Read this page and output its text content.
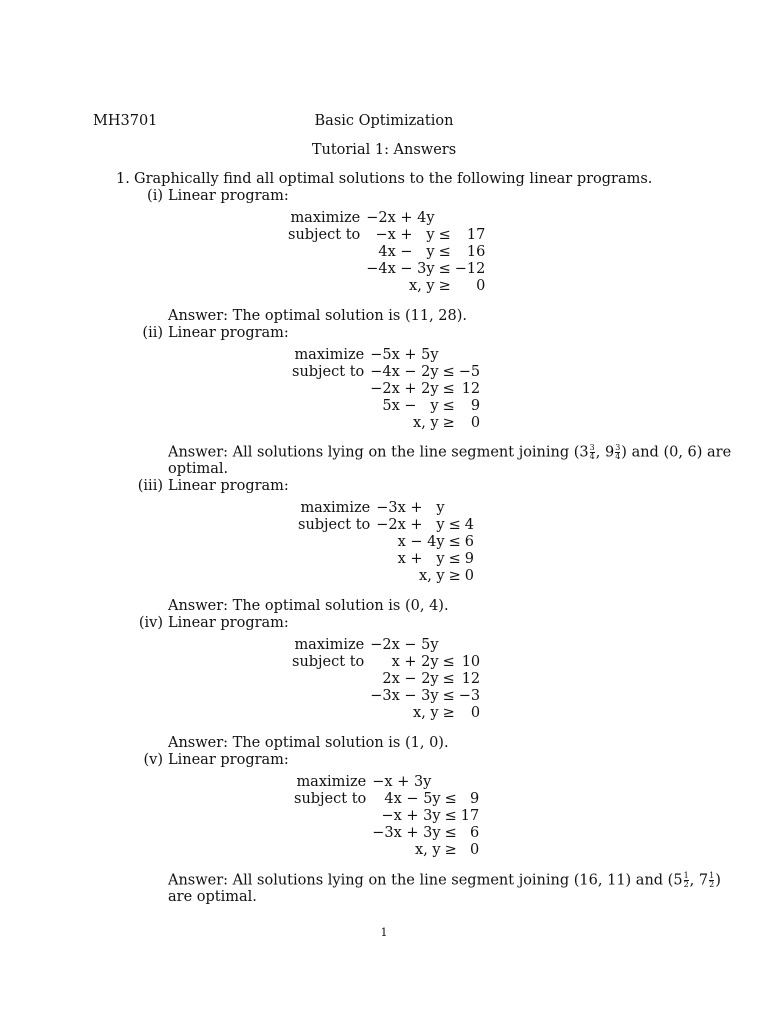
MH3701	Basic Optimization
Tutorial 1: Answers
1. Graphically find all optimal solutions to the following linear programs.
(i) Linear program:
maximize	−2x + 4y		
subject to	−x +   y	≤	17
	4x −   y	≤	16
	−4x − 3y	≤	−12
	x, y	≥	0
Answer: The optimal solution is (11, 28).
(ii) Linear program:
maximize	−5x + 5y		
subject to	−4x − 2y	≤	−5
	−2x + 2y	≤	12
	5x −   y	≤	9
	x, y	≥	0
Answer: All solutions lying on the line segment joining ($3 \frac{3}{4}$ , $9 \frac{3}{4}$ ) and (0, 6) are
optimal.
(iii) Linear program:
maximize	−3x +   y		
subject to	−2x +   y	≤	4
	x − 4y	≤	6
	x +   y	≤	9
	x, y	≥	0
Answer: The optimal solution is (0, 4).
(iv) Linear program:
maximize	−2x − 5y		
subject to	x + 2y	≤	10
	2x − 2y	≤	12
	−3x − 3y	≤	−3
	x, y	≥	0
Answer: The optimal solution is (1, 0).
(v) Linear program:
maximize	−x + 3y		
subject to	4x − 5y	≤	9
	−x + 3y	≤	17
	−3x + 3y	≤	6
	x, y	≥	0
Answer: All solutions lying on the line segment joining (16, 11) and ($5 \frac{1}{2}$ , $7 \frac{1}{2}$ )
are optimal.
1
